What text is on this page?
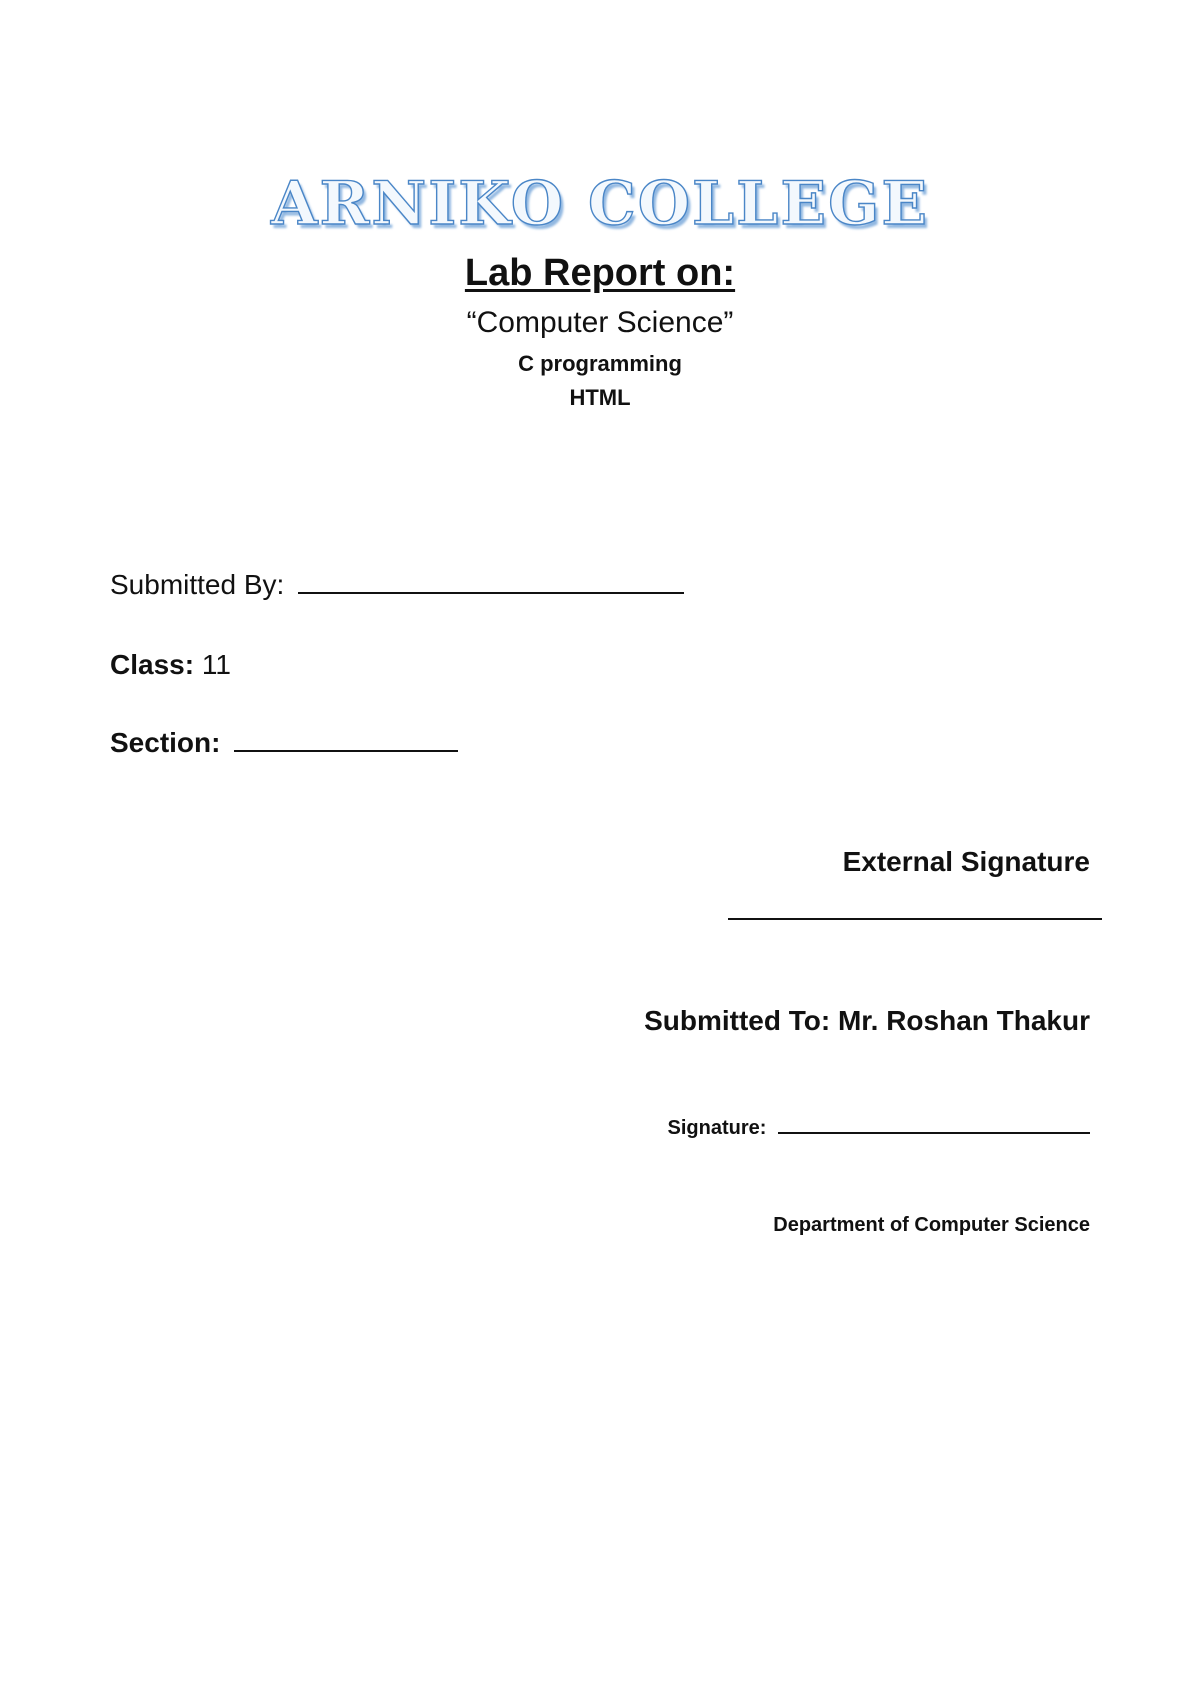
ARNIKO COLLEGE
Lab Report on:
“Computer Science”
C programming
HTML
Submitted By:
Class: 11
Section:
External Signature
Submitted To: Mr. Roshan Thakur
Signature:
Department of Computer Science
